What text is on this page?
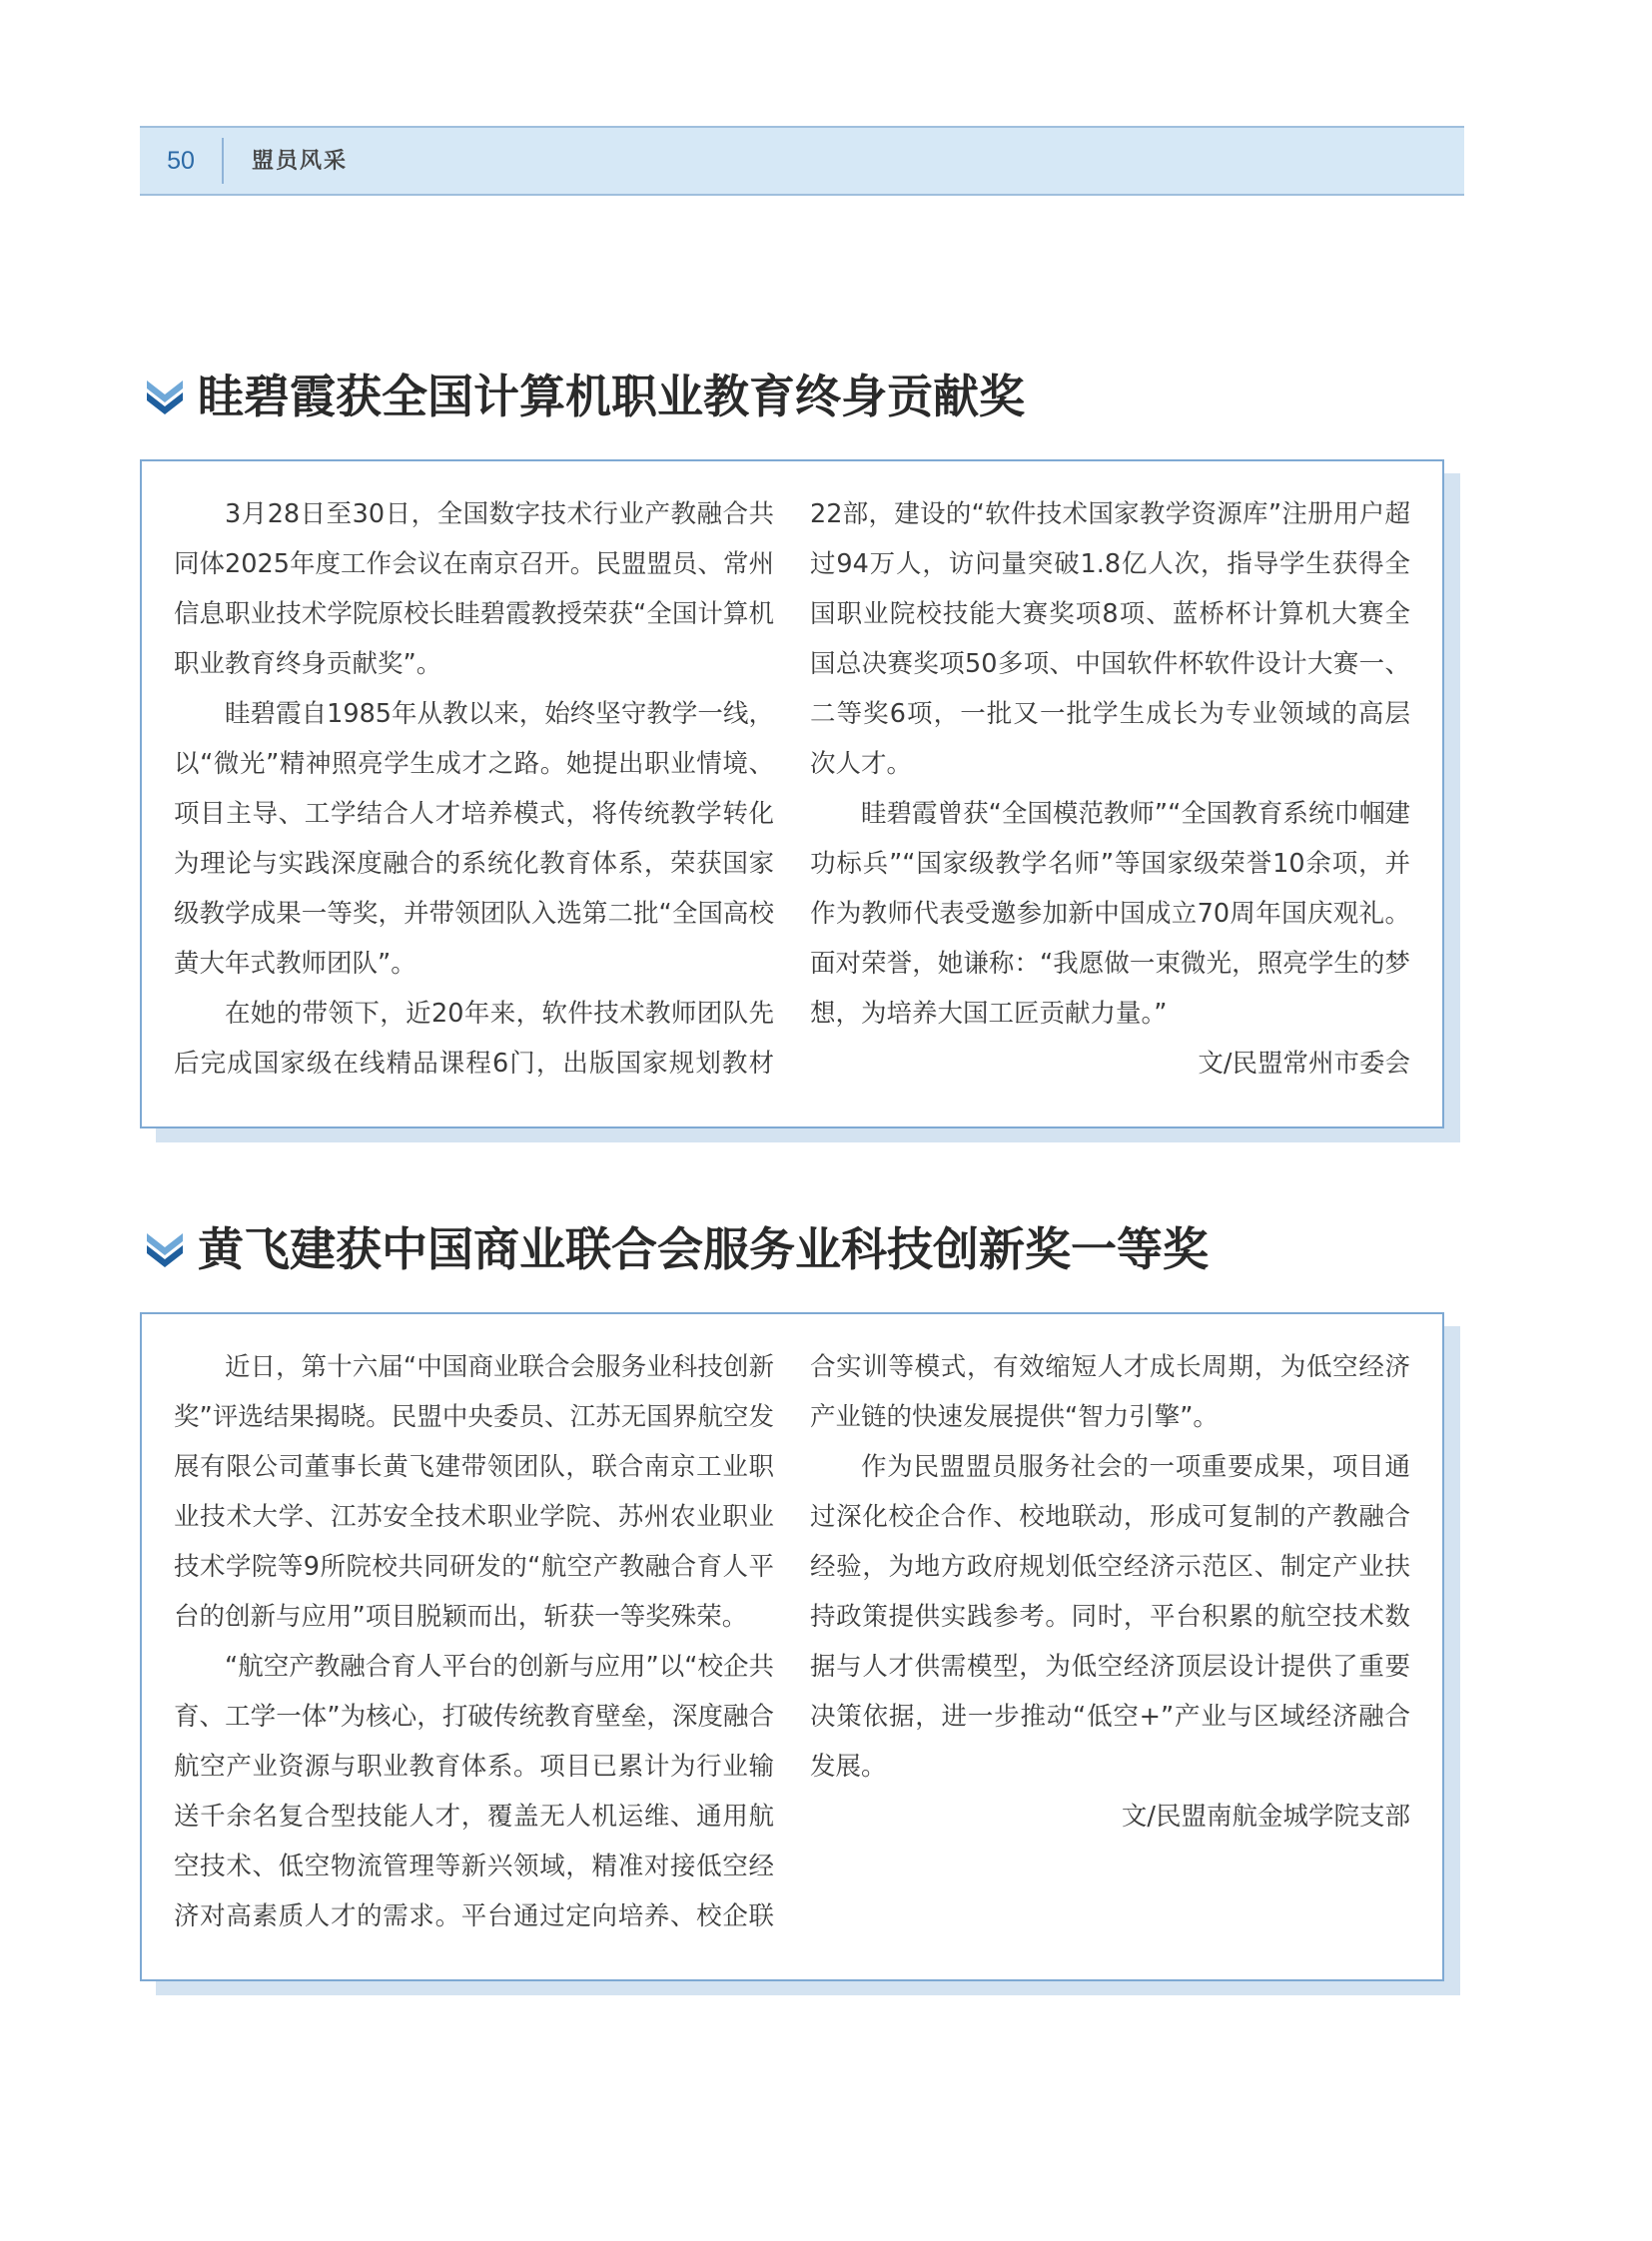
50	盟员风采
眭碧霞获全国计算机职业教育终身贡献奖

3月28日至30日，全国数字技术行业产教融合共同体2025年度工作会议在南京召开。民盟盟员、常州信息职业技术学院原校长眭碧霞教授荣获“全国计算机职业教育终身贡献奖”。

眭碧霞自1985年从教以来，始终坚守教学一线，以“微光”精神照亮学生成才之路。她提出职业情境、项目主导、工学结合人才培养模式，将传统教学转化为理论与实践深度融合的系统化教育体系，荣获国家级教学成果一等奖，并带领团队入选第二批“全国高校黄大年式教师团队”。

在她的带领下，近20年来，软件技术教师团队先后完成国家级在线精品课程6门，出版国家规划教材22部，建设的“软件技术国家教学资源库”注册用户超过94万人，访问量突破1.8亿人次，指导学生获得全国职业院校技能大赛奖项8项、蓝桥杯计算机大赛全国总决赛奖项50多项、中国软件杯软件设计大赛一、二等奖6项，一批又一批学生成长为专业领域的高层次人才。

眭碧霞曾获“全国模范教师”“全国教育系统巾帼建功标兵”“国家级教学名师”等国家级荣誉10余项，并作为教师代表受邀参加新中国成立70周年国庆观礼。面对荣誉，她谦称：“我愿做一束微光，照亮学生的梦想，为培养大国工匠贡献力量。”

文/民盟常州市委会
黄飞建获中国商业联合会服务业科技创新奖一等奖

近日，第十六届“中国商业联合会服务业科技创新奖”评选结果揭晓。民盟中央委员、江苏无国界航空发展有限公司董事长黄飞建带领团队，联合南京工业职业技术大学、江苏安全技术职业学院、苏州农业职业技术学院等9所院校共同研发的“航空产教融合育人平台的创新与应用”项目脱颖而出，斩获一等奖殊荣。

“航空产教融合育人平台的创新与应用”以“校企共育、工学一体”为核心，打破传统教育壁垒，深度融合航空产业资源与职业教育体系。项目已累计为行业输送千余名复合型技能人才，覆盖无人机运维、通用航空技术、低空物流管理等新兴领域，精准对接低空经济对高素质人才的需求。平台通过定向培养、校企联合实训等模式，有效缩短人才成长周期，为低空经济产业链的快速发展提供“智力引擎”。

作为民盟盟员服务社会的一项重要成果，项目通过深化校企合作、校地联动，形成可复制的产教融合经验，为地方政府规划低空经济示范区、制定产业扶持政策提供实践参考。同时，平台积累的航空技术数据与人才供需模型，为低空经济顶层设计提供了重要决策依据，进一步推动“低空+”产业与区域经济融合发展。

文/民盟南航金城学院支部
